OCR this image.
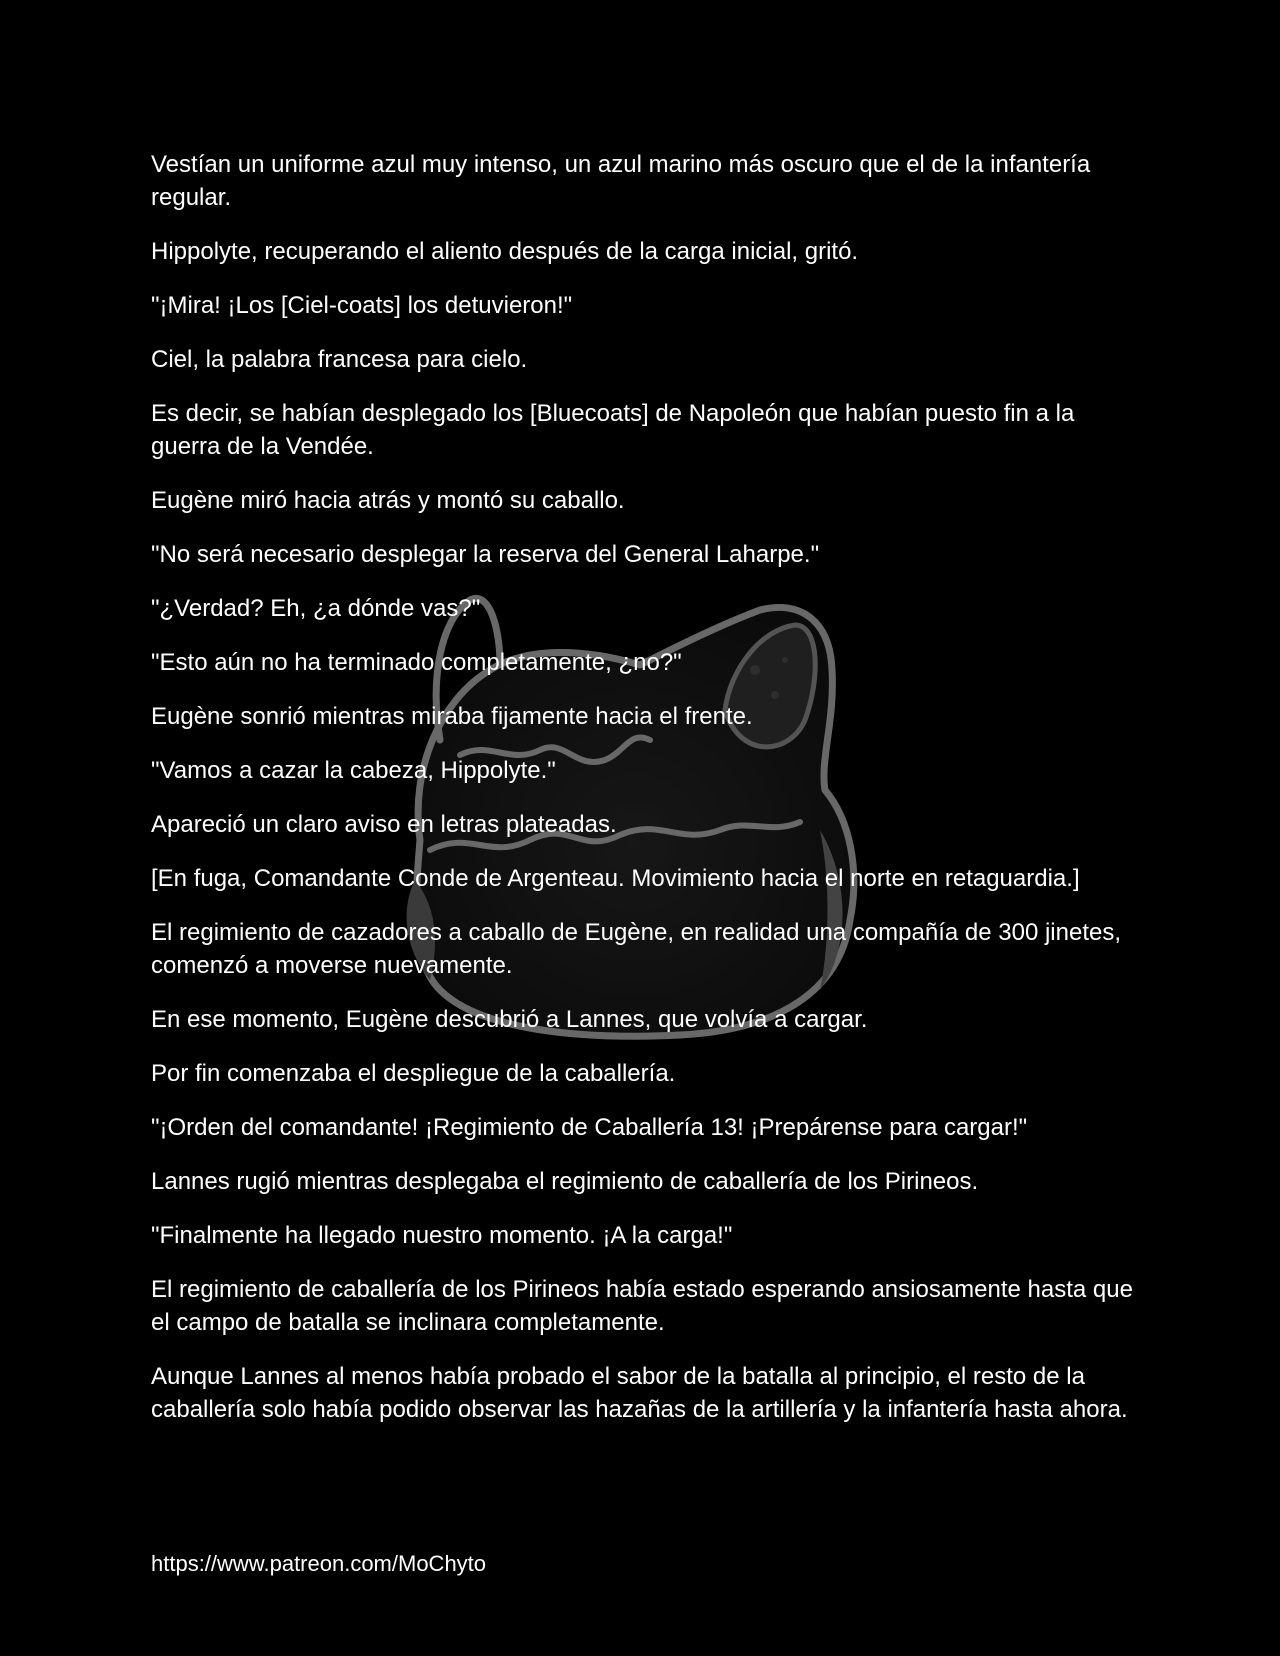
Vestían un uniforme azul muy intenso, un azul marino más oscuro que el de la infantería regular.

Hippolyte, recuperando el aliento después de la carga inicial, gritó.

"¡Mira! ¡Los [Ciel-coats] los detuvieron!"

Ciel, la palabra francesa para cielo.

Es decir, se habían desplegado los [Bluecoats] de Napoleón que habían puesto fin a la guerra de la Vendée.

Eugène miró hacia atrás y montó su caballo.

"No será necesario desplegar la reserva del General Laharpe."

"¿Verdad? Eh, ¿a dónde vas?"

"Esto aún no ha terminado completamente, ¿no?"

Eugène sonrió mientras miraba fijamente hacia el frente.

"Vamos a cazar la cabeza, Hippolyte."

Apareció un claro aviso en letras plateadas.

[En fuga, Comandante Conde de Argenteau. Movimiento hacia el norte en retaguardia.]

El regimiento de cazadores a caballo de Eugène, en realidad una compañía de 300 jinetes, comenzó a moverse nuevamente.

En ese momento, Eugène descubrió a Lannes, que volvía a cargar.

Por fin comenzaba el despliegue de la caballería.

"¡Orden del comandante! ¡Regimiento de Caballería 13! ¡Prepárense para cargar!"

Lannes rugió mientras desplegaba el regimiento de caballería de los Pirineos.

"Finalmente ha llegado nuestro momento. ¡A la carga!"

El regimiento de caballería de los Pirineos había estado esperando ansiosamente hasta que el campo de batalla se inclinara completamente.

Aunque Lannes al menos había probado el sabor de la batalla al principio, el resto de la caballería solo había podido observar las hazañas de la artillería y la infantería hasta ahora.

https://www.patreon.com/MoChyto
